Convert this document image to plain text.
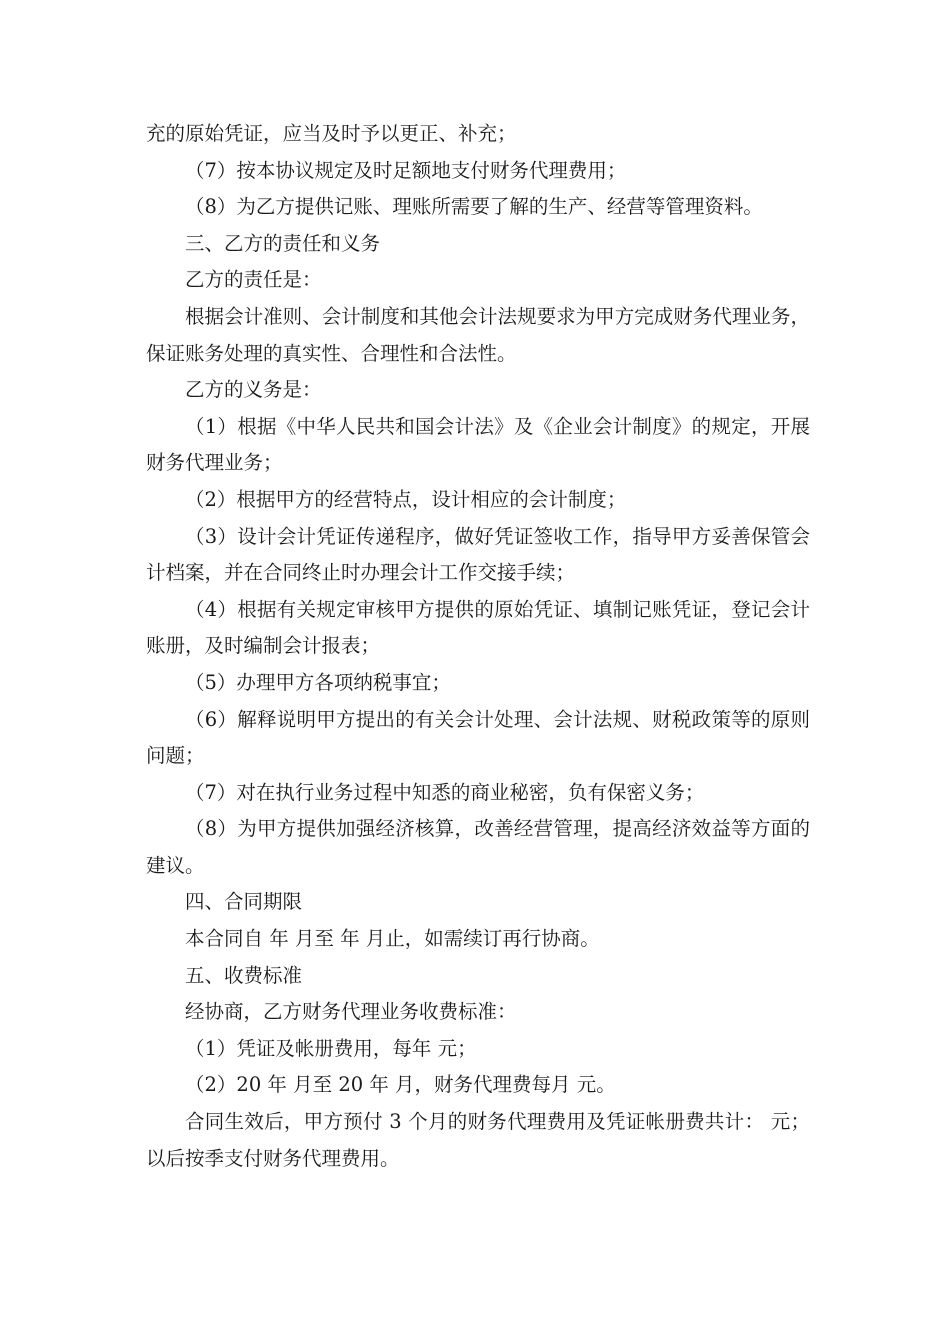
充的原始凭证，应当及时予以更正、补充；

（7）按本协议规定及时足额地支付财务代理费用；

（8）为乙方提供记账、理账所需要了解的生产、经营等管理资料。

三、乙方的责任和义务

乙方的责任是：

根据会计准则、会计制度和其他会计法规要求为甲方完成财务代理业务，保证账务处理的真实性、合理性和合法性。

乙方的义务是：

（1）根据《中华人民共和国会计法》及《企业会计制度》的规定，开展财务代理业务；

（2）根据甲方的经营特点，设计相应的会计制度；

（3）设计会计凭证传递程序，做好凭证签收工作，指导甲方妥善保管会计档案，并在合同终止时办理会计工作交接手续；

（4）根据有关规定审核甲方提供的原始凭证、填制记账凭证，登记会计账册，及时编制会计报表；

（5）办理甲方各项纳税事宜；

（6）解释说明甲方提出的有关会计处理、会计法规、财税政策等的原则问题；

（7）对在执行业务过程中知悉的商业秘密，负有保密义务；

（8）为甲方提供加强经济核算，改善经营管理，提高经济效益等方面的建议。

四、合同期限

本合同自 年 月至 年 月止，如需续订再行协商。

五、收费标准

经协商，乙方财务代理业务收费标准：

（1）凭证及帐册费用，每年 元；

（2）20 年 月至 20 年 月，财务代理费每月 元。

合同生效后，甲方预付 3 个月的财务代理费用及凭证帐册费共计： 元；以后按季支付财务代理费用。
